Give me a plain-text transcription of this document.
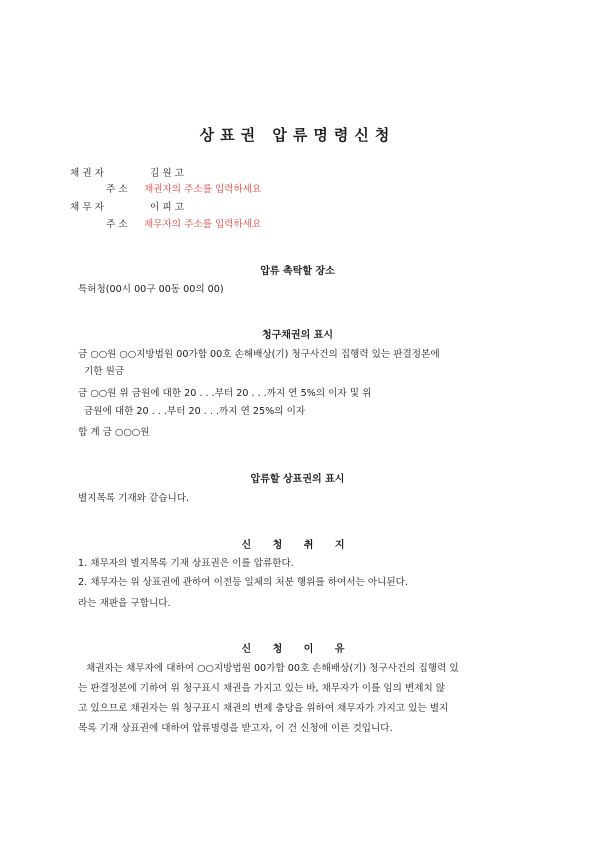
상표권 압류명령신청
채 권 자	김 원 고
주 소 채권자의 주소를 입력하세요
채 무 자	이 피 고
주 소 채무자의 주소를 입력하세요
압류 촉탁할 장소
특허청(00시 00구 00동 00의 00)
청구채권의 표시
금 ○○원 ○○지방법원 00가합 00호 손해배상(기) 청구사건의 집행력 있는 판결정본에
기한 원금
금 ○○원 위 금원에 대한 20 . . .부터 20 . . .까지 연 5%의 이자 및 위
금원에 대한 20 . . .부터 20 . . .까지 연 25%의 이자
합 계 금 ○○○원
압류할 상표권의 표시
별지목록 기재와 같습니다.
신 청 취 지
1. 채무자의 별지목록 기재 상표권은 이를 압류한다.
2. 채무자는 위 상표권에 관하여 이전등 일체의 처분 행위를 하여서는 아니된다.
라는 재판을 구합니다.
신 청 이 유
채권자는 채무자에 대하여 ○○지방법원 00가합 00호 손해배상(기) 청구사건의 집행력 있
는 판결정본에 기하여 위 청구표시 채권을 가지고 있는 바, 채무자가 이를 임의 변제치 않
고 있으므로 채권자는 위 청구표시 채권의 변제 충당을 위하여 채무자가 가지고 있는 별지
목록 기재 상표권에 대하여 압류명령을 받고자, 이 건 신청에 이른 것입니다.
